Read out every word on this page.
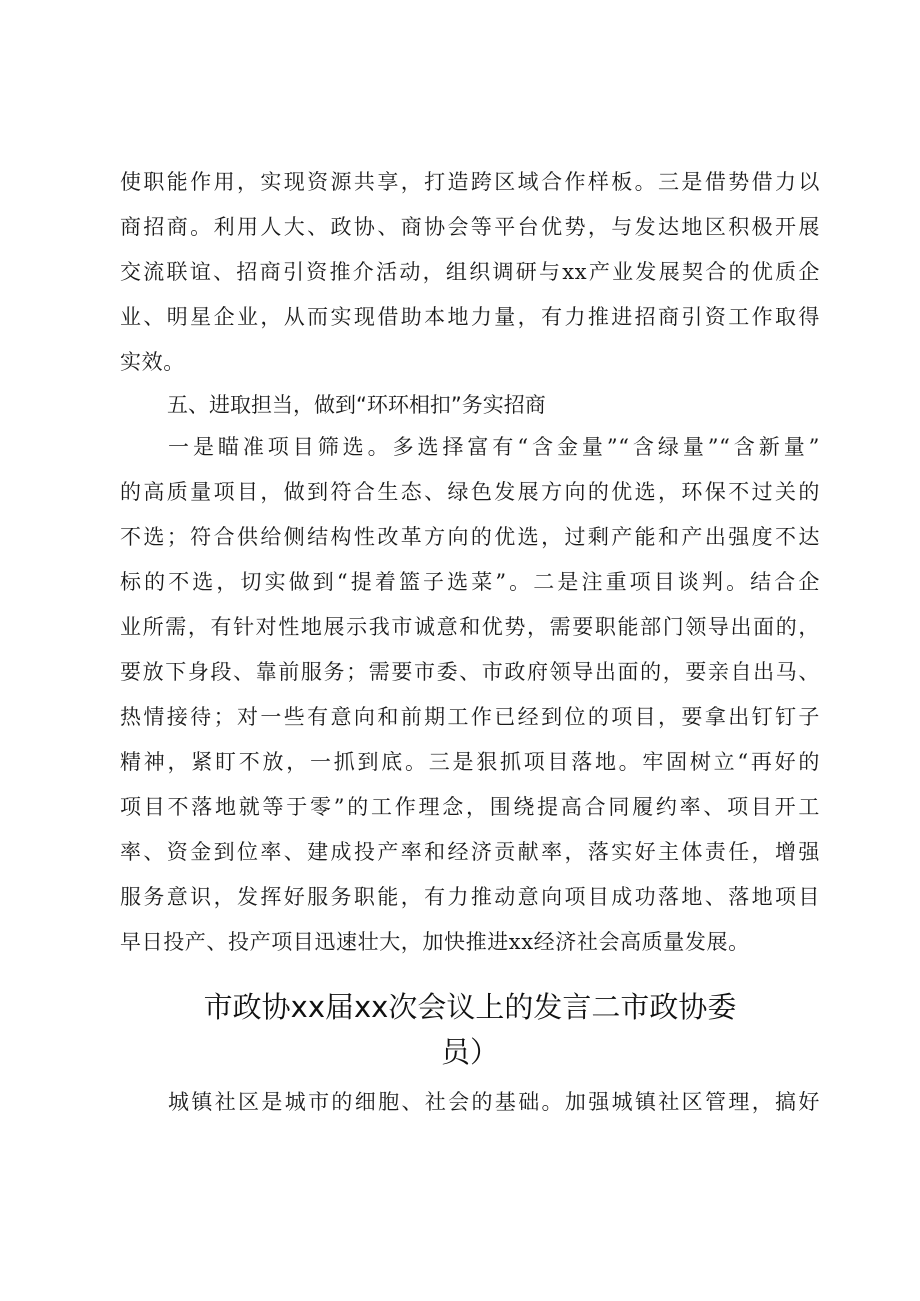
使职能作用，实现资源共享，打造跨区域合作样板。三是借势借力以
商招商。利用人大、政协、商协会等平台优势，与发达地区积极开展
交流联谊、招商引资推介活动，组织调研与xx产业发展契合的优质企
业、明星企业，从而实现借助本地力量，有力推进招商引资工作取得
实效。
五、进取担当，做到“环环相扣”务实招商
一是瞄准项目筛选。多选择富有“含金量”“含绿量”“含新量”
的高质量项目，做到符合生态、绿色发展方向的优选，环保不过关的
不选；符合供给侧结构性改革方向的优选，过剩产能和产出强度不达
标的不选，切实做到“提着篮子选菜”。二是注重项目谈判。结合企
业所需，有针对性地展示我市诚意和优势，需要职能部门领导出面的，
要放下身段、靠前服务；需要市委、市政府领导出面的，要亲自出马、
热情接待；对一些有意向和前期工作已经到位的项目，要拿出钉钉子
精神，紧盯不放，一抓到底。三是狠抓项目落地。牢固树立“再好的
项目不落地就等于零”的工作理念，围绕提高合同履约率、项目开工
率、资金到位率、建成投产率和经济贡献率，落实好主体责任，增强
服务意识，发挥好服务职能，有力推动意向项目成功落地、落地项目
早日投产、投产项目迅速壮大，加快推进xx经济社会高质量发展。
市政协xx届xx次会议上的发言二市政协委
员）
城镇社区是城市的细胞、社会的基础。加强城镇社区管理，搞好
